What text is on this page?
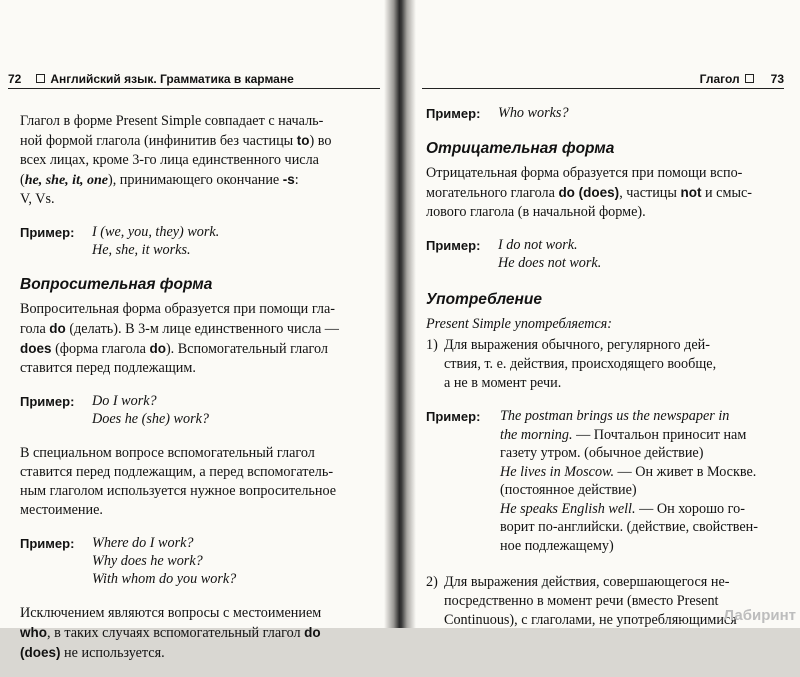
72 Английский язык. Грамматика в кармане
Глагол в форме Present Simple совпадает с началь-
ной формой глагола (инфинитив без частицы to) во
всех лицах, кроме 3-го лица единственного числа
(he, she, it, one), принимающего окончание -s:
V, Vs.
Пример:	I (we, you, they) work.
He, she, it works.
Вопросительная форма
Вопросительная форма образуется при помощи гла-
гола do (делать). В 3-м лице единственного числа —
does (форма глагола do). Вспомогательный глагол
ставится перед подлежащим.
Пример:	Do I work?
Does he (she) work?
В специальном вопросе вспомогательный глагол
ставится перед подлежащим, а перед вспомогатель-
ным глаголом используется нужное вопросительное
местоимение.
Пример:	Where do I work?
Why does he work?
With whom do you work?
Исключением являются вопросы с местоимением
who, в таких случаях вспомогательный глагол do
(does) не используется.
Глагол	73
Пример:	Who works?
Отрицательная форма
Отрицательная форма образуется при помощи вспо-
могательного глагола do (does), частицы not и смыс-
лового глагола (в начальной форме).
Пример:	I do not work.
He does not work.
Употребление
Present Simple употребляется:
1) Для выражения обычного, регулярного дей-
ствия, т. е. действия, происходящего вообще,
а не в момент речи.
Пример:	The postman brings us the newspaper in
the morning. — Почтальон приносит нам
газету утром. (обычное действие)
He lives in Moscow. — Он живет в Москве.
(постоянное действие)
He speaks English well. — Он хорошо го-
ворит по-английски. (действие, свойствен-
ное подлежащему)
2) Для выражения действия, совершающегося не-
посредственно в момент речи (вместо Present
Continuous), с глаголами, не употребляющимися
Лабиринт
